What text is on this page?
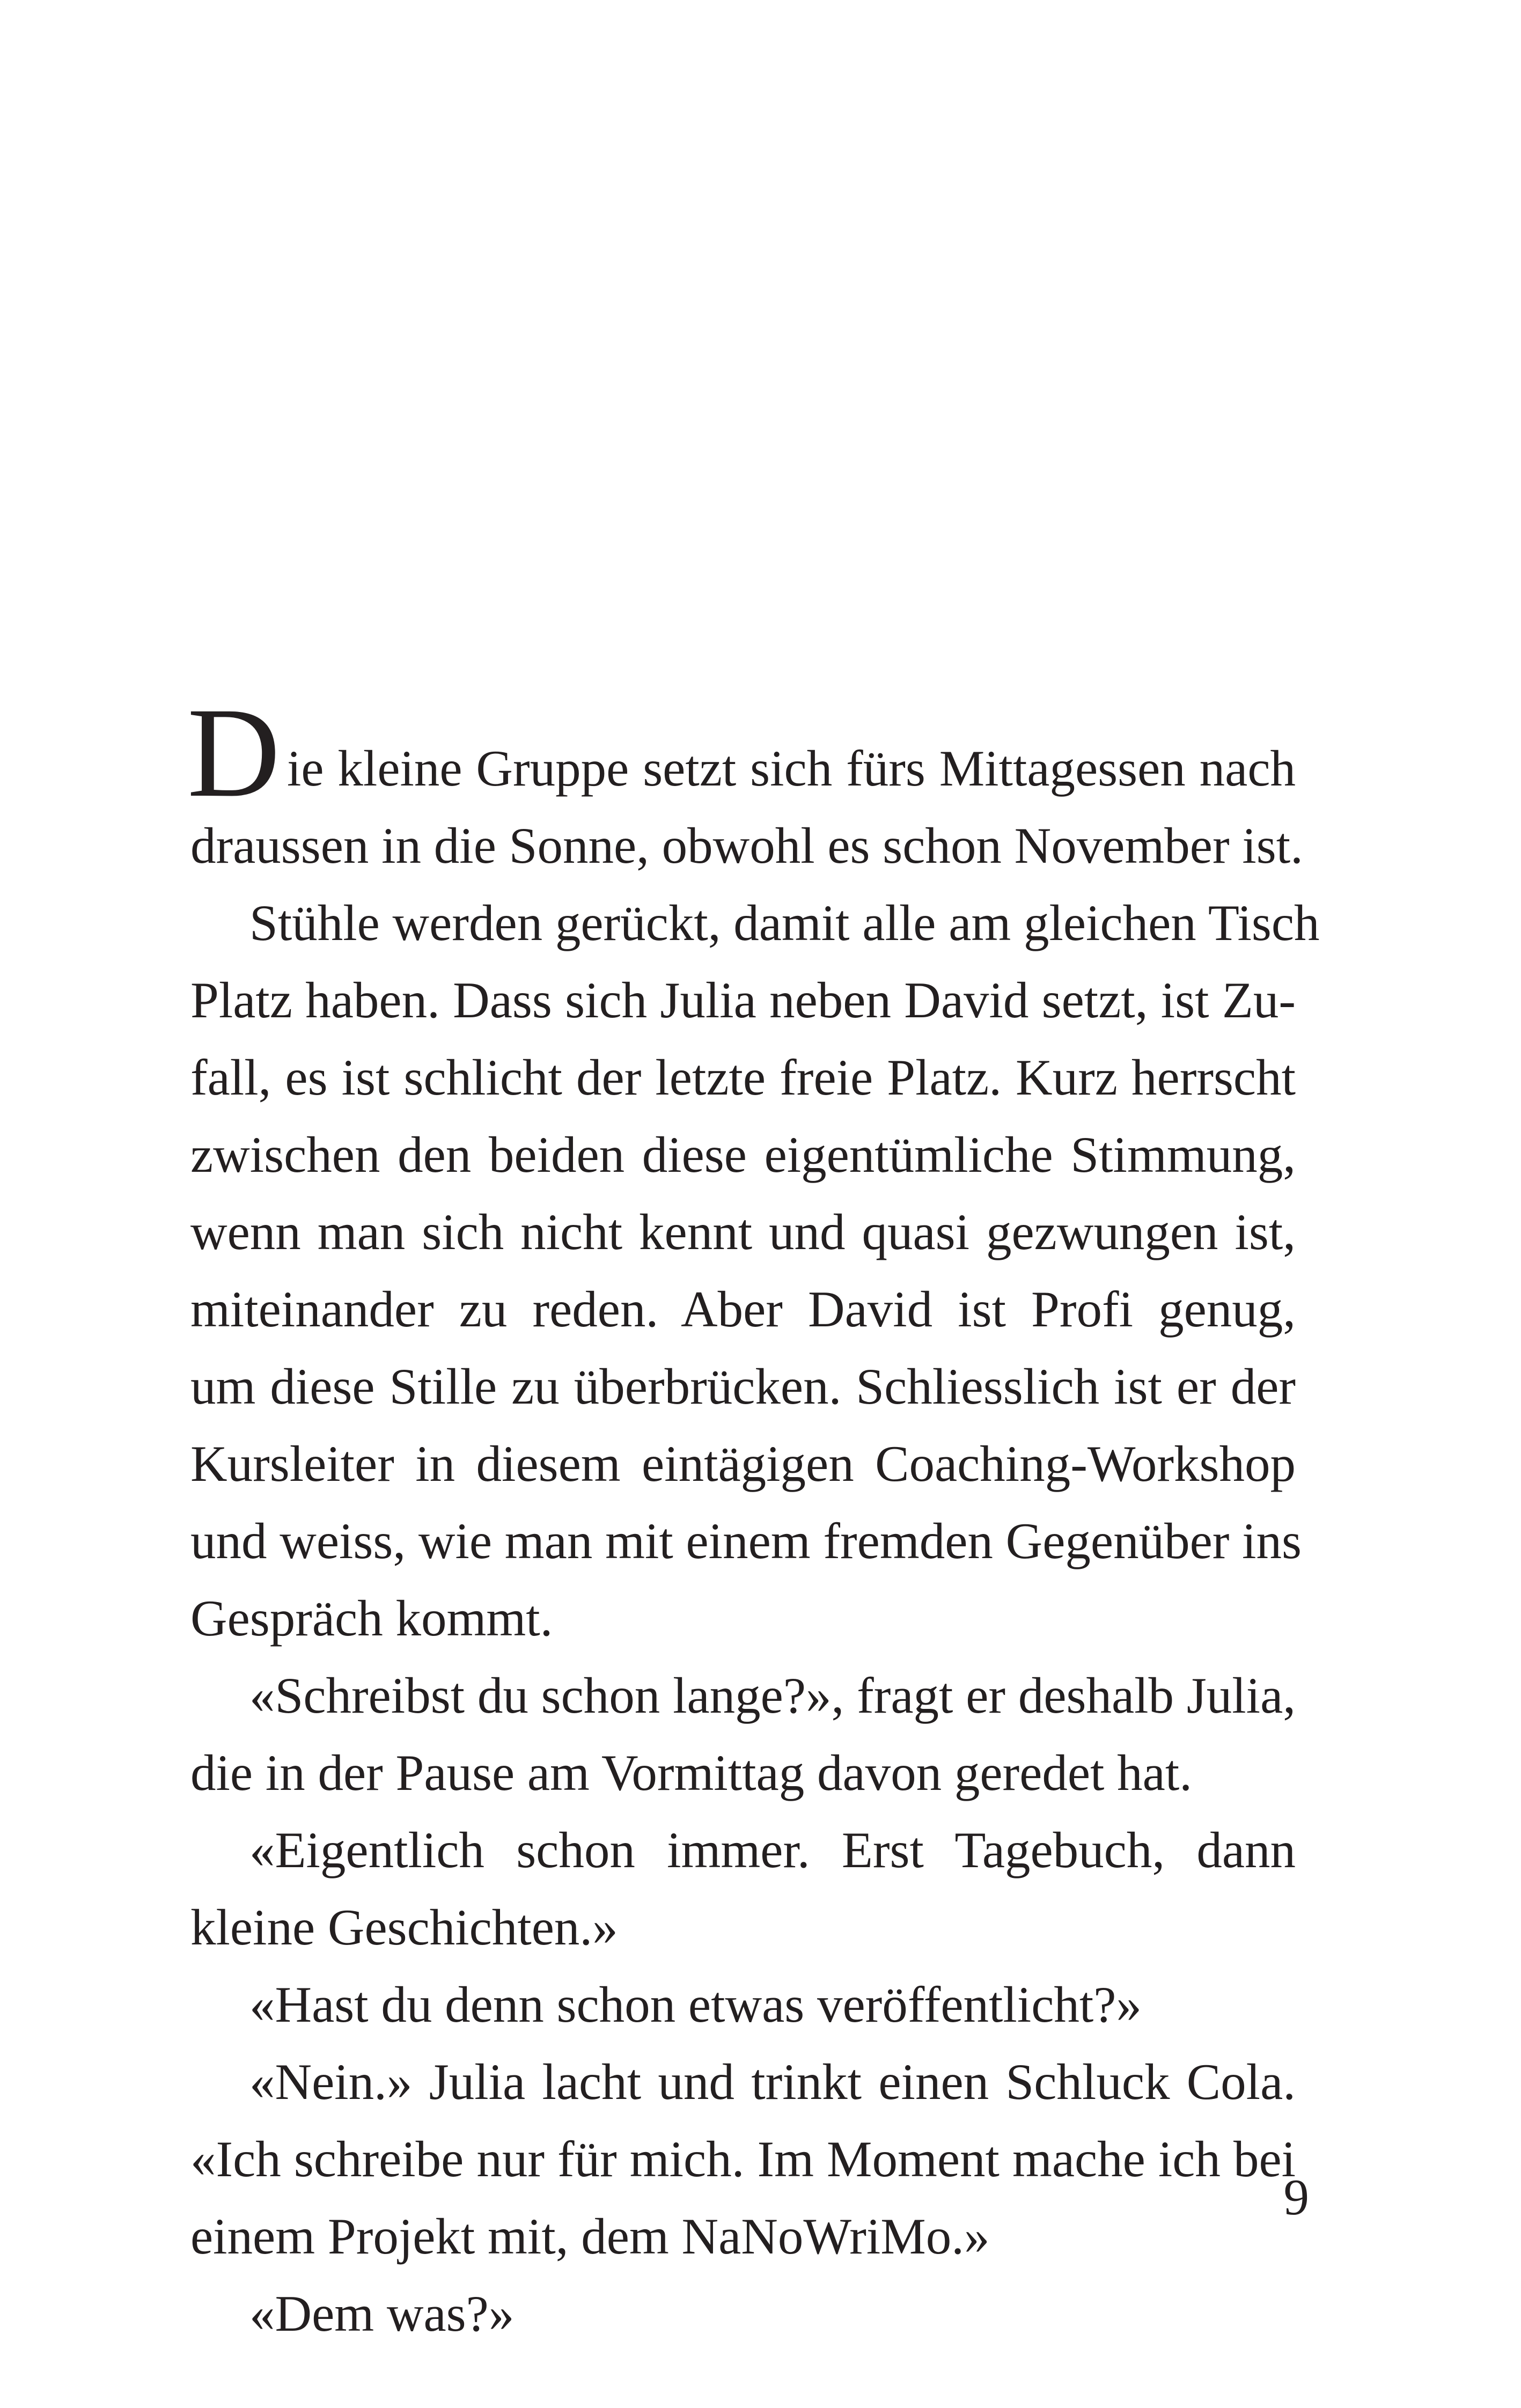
D ie kleine Gruppe setzt sich fürs Mittagessen nach
draussen in die Sonne, obwohl es schon November ist.
Stühle werden gerückt, damit alle am gleichen Tisch
Platz haben. Dass sich Julia neben David setzt, ist Zu-
fall, es ist schlicht der letzte freie Platz. Kurz herrscht
zwischen den beiden diese eigentümliche Stimmung,
wenn man sich nicht kennt und quasi gezwungen ist,
miteinander zu reden. Aber David ist Profi genug,
um diese Stille zu überbrücken. Schliesslich ist er der
Kursleiter in diesem eintägigen Coaching-Workshop
und weiss, wie man mit einem fremden Gegenüber ins
Gespräch kommt.
«Schreibst du schon lange?», fragt er deshalb Julia,
die in der Pause am Vormittag davon geredet hat.
«Eigentlich schon immer. Erst Tagebuch, dann
kleine Geschichten.»
«Hast du denn schon etwas veröffentlicht?»
«Nein.» Julia lacht und trinkt einen Schluck Cola.
«Ich schreibe nur für mich. Im Moment mache ich bei
einem Projekt mit, dem NaNoWriMo.»
«Dem was?»
9
